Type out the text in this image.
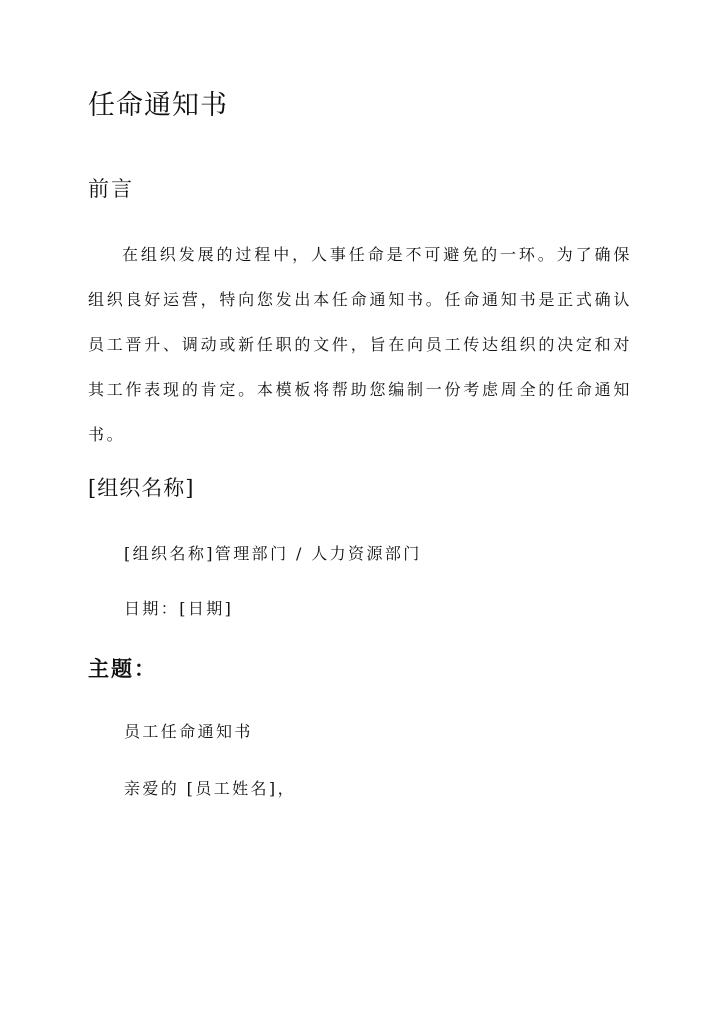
任命通知书
前言

在组织发展的过程中，人事任命是不可避免的一环。为了确保组织良好运营，特向您发出本任命通知书。任命通知书是正式确认员工晋升、调动或新任职的文件，旨在向员工传达组织的决定和对其工作表现的肯定。本模板将帮助您编制一份考虑周全的任命通知书。

[组织名称]

[组织名称]管理部门 / 人力资源部门

日期：[日期]

主题：

员工任命通知书

亲爱的 [员工姓名]，
